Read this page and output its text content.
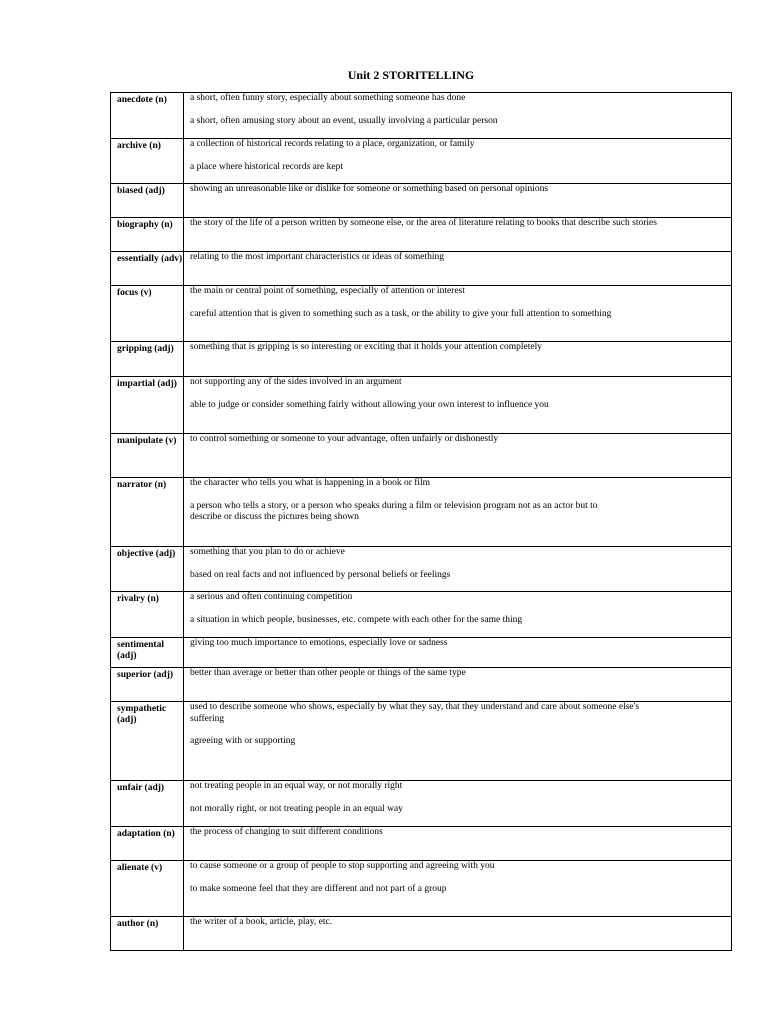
Unit 2 STORITELLING
anecdote (n)	a short, often funny story, especially about something someone has done

a short, often amusing story about an event, usually involving a particular person

archive (n)	a collection of historical records relating to a place, organization, or family

a place where historical records are kept

biased (adj)	showing an unreasonable like or dislike for someone or something based on personal opinions

biography (n)	the story of the life of a person written by someone else, or the area of literature relating to books that describe such stories

essentially (adv)	relating to the most important characteristics or ideas of something

focus (v)	the main or central point of something, especially of attention or interest

careful attention that is given to something such as a task, or the ability to give your full attention to something

gripping (adj)	something that is gripping is so interesting or exciting that it holds your attention completely

impartial (adj)	not supporting any of the sides involved in an argument

able to judge or consider something fairly without allowing your own interest to influence you

manipulate (v)	to control something or someone to your advantage, often unfairly or dishonestly

narrator (n)	the character who tells you what is happening in a book or film

a person who tells a story, or a person who speaks during a film or television program not as an actor but to describe or discuss the pictures being shown

objective (adj)	something that you plan to do or achieve

based on real facts and not influenced by personal beliefs or feelings

rivalry (n)	a serious and often continuing competition

a situation in which people, businesses, etc. compete with each other for the same thing

sentimental (adj)	giving too much importance to emotions, especially love or sadness

superior (adj)	better than average or better than other people or things of the same type

sympathetic (adj)	used to describe someone who shows, especially by what they say, that they understand and care about someone else's suffering

agreeing with or supporting

unfair (adj)	not treating people in an equal way, or not morally right

not morally right, or not treating people in an equal way

adaptation (n)	the process of changing to suit different conditions

alienate (v)	to cause someone or a group of people to stop supporting and agreeing with you

to make someone feel that they are different and not part of a group

author (n)	the writer of a book, article, play, etc.
